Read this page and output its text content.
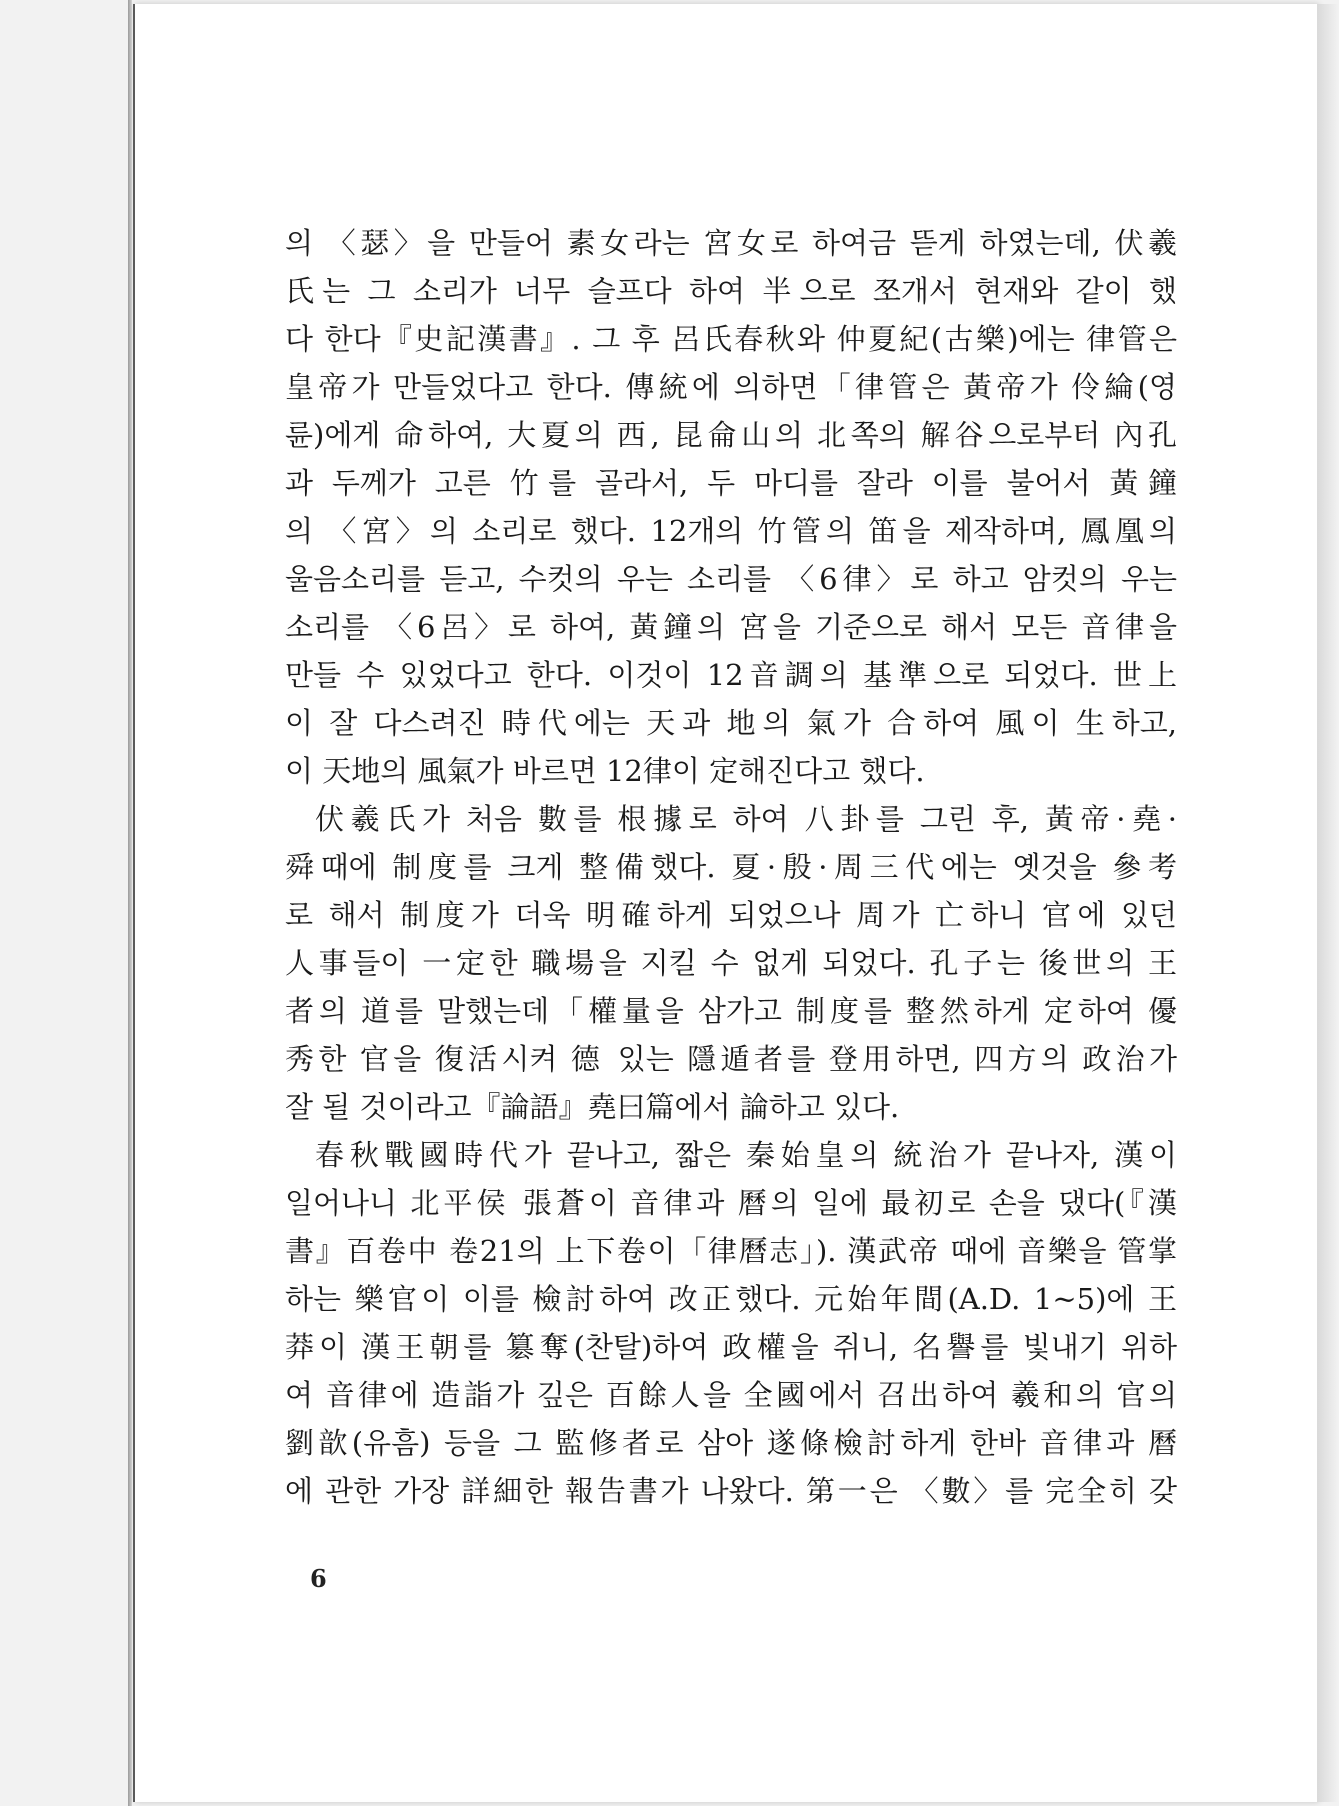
의 〈瑟〉을 만들어 素女라는 宮女로 하여금 뜯게 하였는데, 伏羲
氏는 그 소리가 너무 슬프다 하여 半으로 쪼개서 현재와 같이 했
다 한다『史記漢書』. 그 후 呂氏春秋와 仲夏紀(古樂)에는 律管은
皇帝가 만들었다고 한다. 傳統에 의하면「律管은 黃帝가 伶綸(영
륜)에게 命하여, 大夏의 西, 昆侖山의 北쪽의 解谷으로부터 內孔
과 두께가 고른 竹를 골라서, 두 마디를 잘라 이를 불어서 黃鐘
의 〈宮〉의 소리로 했다. 12개의 竹管의 笛을 제작하며, 鳳凰의
울음소리를 듣고, 수컷의 우는 소리를 〈6律〉로 하고 암컷의 우는
소리를 〈6呂〉로 하여, 黃鐘의 宮을 기준으로 해서 모든 音律을
만들 수 있었다고 한다. 이것이 12音調의 基準으로 되었다. 世上
이 잘 다스려진 時代에는 天과 地의 氣가 合하여 風이 生하고,
이 天地의 風氣가 바르면 12律이 定해진다고 했다.
伏羲氏가 처음 數를 根據로 하여 八卦를 그린 후, 黃帝·堯·
舜때에 制度를 크게 整備했다. 夏·殷·周三代에는 옛것을 參考
로 해서 制度가 더욱 明確하게 되었으나 周가 亡하니 官에 있던
人事들이 一定한 職場을 지킬 수 없게 되었다. 孔子는 後世의 王
者의 道를 말했는데「權量을 삼가고 制度를 整然하게 定하여 優
秀한 官을 復活시켜 德 있는 隱遁者를 登用하면, 四方의 政治가
잘 될 것이라고『論語』堯曰篇에서 論하고 있다.
春秋戰國時代가 끝나고, 짧은 秦始皇의 統治가 끝나자, 漢이
일어나니 北平侯 張蒼이 音律과 曆의 일에 最初로 손을 댔다(『漢
書』百卷中 卷21의 上下卷이「律曆志」). 漢武帝 때에 音樂을 管掌
하는 樂官이 이를 檢討하여 改正했다. 元始年間(A.D. 1~5)에 王
莽이 漢王朝를 簒奪(찬탈)하여 政權을 쥐니, 名譽를 빛내기 위하
여 音律에 造詣가 깊은 百餘人을 全國에서 召出하여 羲和의 官의
劉歆(유흠) 등을 그 監修者로 삼아 遂條檢討하게 한바 音律과 曆
에 관한 가장 詳細한 報告書가 나왔다. 第一은 〈數〉를 完全히 갖
6
